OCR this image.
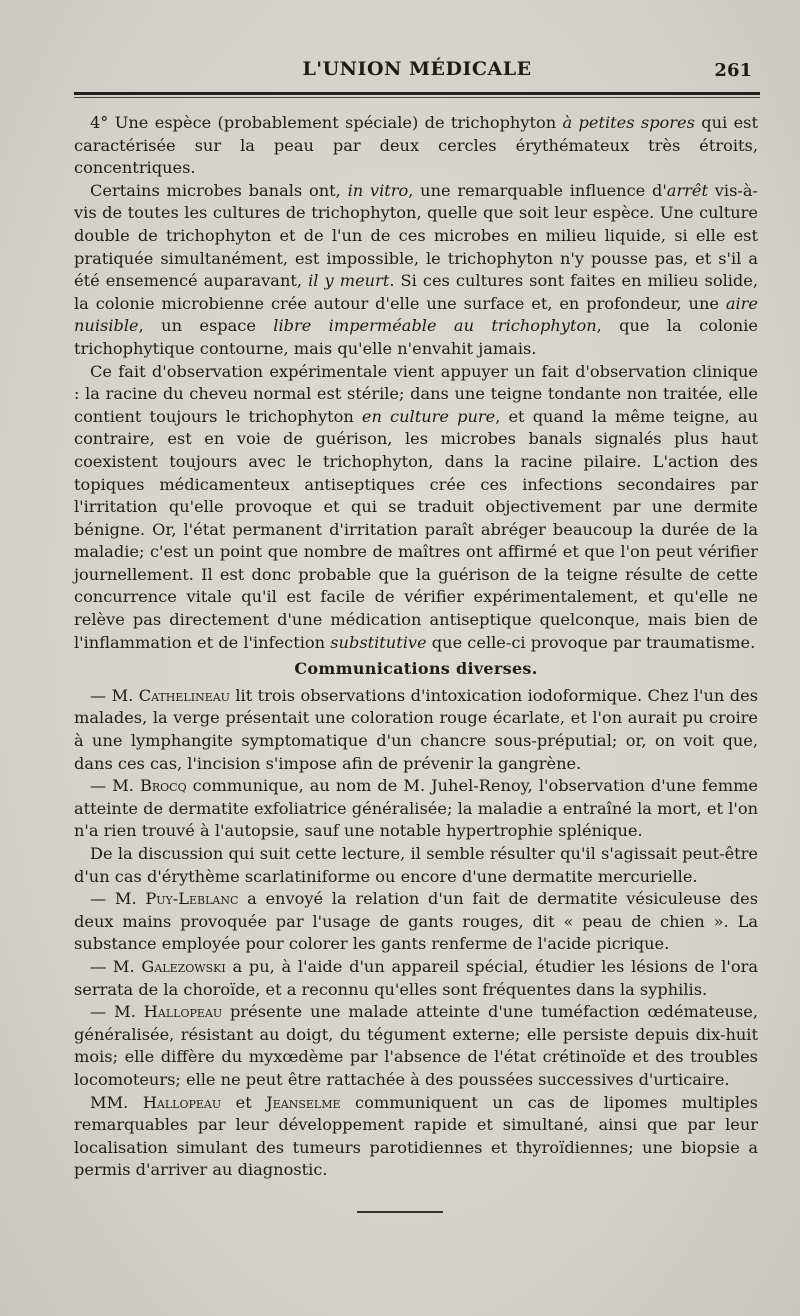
L'UNION MÉDICALE	261

4° Une espèce (probablement spéciale) de trichophyton à petites spores qui est caractérisée sur la peau par deux cercles érythémateux très étroits, concentriques.

Certains microbes banals ont, in vitro, une remarquable influence d'arrêt vis-à-vis de toutes les cultures de trichophyton, quelle que soit leur espèce. Une culture double de trichophyton et de l'un de ces microbes en milieu liquide, si elle est pratiquée simultanément, est impossible, le trichophyton n'y pousse pas, et s'il a été ensemencé auparavant, il y meurt. Si ces cultures sont faites en milieu solide, la colonie microbienne crée autour d'elle une surface et, en profondeur, une aire nuisible, un espace libre imperméable au trichophyton, que la colonie trichophytique contourne, mais qu'elle n'envahit jamais.

Ce fait d'observation expérimentale vient appuyer un fait d'observation clinique : la racine du cheveu normal est stérile; dans une teigne tondante non traitée, elle contient toujours le trichophyton en culture pure, et quand la même teigne, au contraire, est en voie de guérison, les microbes banals signalés plus haut coexistent toujours avec le trichophyton, dans la racine pilaire. L'action des topiques médicamenteux antiseptiques crée ces infections secondaires par l'irritation qu'elle provoque et qui se traduit objectivement par une dermite bénigne. Or, l'état permanent d'irritation paraît abréger beaucoup la durée de la maladie; c'est un point que nombre de maîtres ont affirmé et que l'on peut vérifier journellement. Il est donc probable que la guérison de la teigne résulte de cette concurrence vitale qu'il est facile de vérifier expérimentalement, et qu'elle ne relève pas directement d'une médication antiseptique quelconque, mais bien de l'inflammation et de l'infection substitutive que celle-ci provoque par traumatisme.

Communications diverses.

— M. Cathelineau lit trois observations d'intoxication iodoformique. Chez l'un des malades, la verge présentait une coloration rouge écarlate, et l'on aurait pu croire à une lymphangite symptomatique d'un chancre sous-préputial; or, on voit que, dans ces cas, l'incision s'impose afin de prévenir la gangrène.

— M. Brocq communique, au nom de M. Juhel-Renoy, l'observation d'une femme atteinte de dermatite exfoliatrice généralisée; la maladie a entraîné la mort, et l'on n'a rien trouvé à l'autopsie, sauf une notable hypertrophie splénique.

De la discussion qui suit cette lecture, il semble résulter qu'il s'agissait peut-être d'un cas d'érythème scarlatiniforme ou encore d'une dermatite mercurielle.

— M. Puy-Leblanc a envoyé la relation d'un fait de dermatite vésiculeuse des deux mains provoquée par l'usage de gants rouges, dit « peau de chien ». La substance employée pour colorer les gants renferme de l'acide picrique.

— M. Galezowski a pu, à l'aide d'un appareil spécial, étudier les lésions de l'ora serrata de la choroïde, et a reconnu qu'elles sont fréquentes dans la syphilis.

— M. Hallopeau présente une malade atteinte d'une tuméfaction œdémateuse, généralisée, résistant au doigt, du tégument externe; elle persiste depuis dix-huit mois; elle diffère du myxœdème par l'absence de l'état crétinoïde et des troubles locomoteurs; elle ne peut être rattachée à des poussées successives d'urticaire.

MM. Hallopeau et Jeanselme communiquent un cas de lipomes multiples remarquables par leur développement rapide et simultané, ainsi que par leur localisation simulant des tumeurs parotidiennes et thyroïdiennes; une biopsie a permis d'arriver au diagnostic.
